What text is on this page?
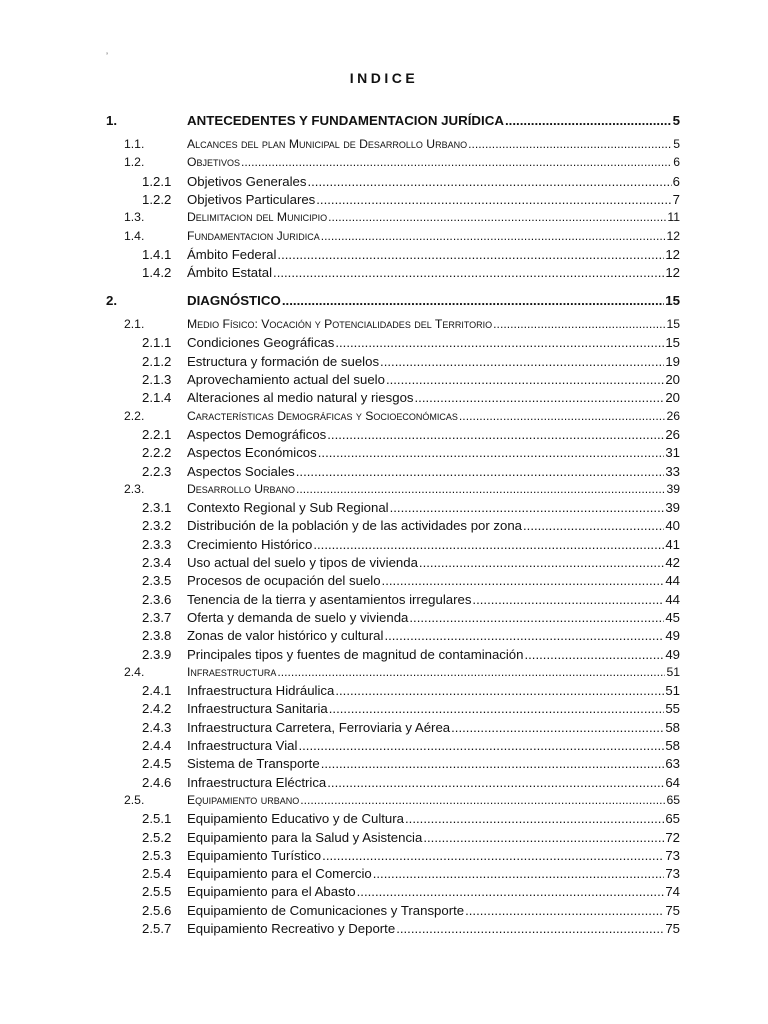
’
INDICE
1.	ANTECEDENTES Y FUNDAMENTACION JURÍDICA .....	5
1.1.	Alcances del plan Municipal de Desarrollo Urbano .....	5
1.2.	Objetivos .....	6
1.2.1 Objetivos Generales .....	6
1.2.2 Objetivos Particulares .....	7
1.3.	Delimitacion del Municipio .....	11
1.4.	Fundamentacion Juridica .....	12
1.4.1 Ámbito Federal .....	12
1.4.2 Ámbito Estatal .....	12
2.	DIAGNÓSTICO .....	15
2.1.	Medio Físico: Vocación y Potencialidades del Territorio .....	15
2.1.1 Condiciones Geográficas .....	15
2.1.2 Estructura y formación de suelos .....	19
2.1.3 Aprovechamiento actual del suelo .....	20
2.1.4 Alteraciones al medio natural y riesgos .....	20
2.2.	Características Demográficas y Socioeconómicas .....	26
2.2.1 Aspectos Demográficos .....	26
2.2.2 Aspectos Económicos .....	31
2.2.3 Aspectos Sociales .....	33
2.3.	Desarrollo Urbano .....	39
2.3.1 Contexto Regional y Sub Regional .....	39
2.3.2 Distribución de la población y de las actividades por zona .....	40
2.3.3 Crecimiento Histórico .....	41
2.3.4 Uso actual del suelo y tipos de vivienda .....	42
2.3.5 Procesos de ocupación del suelo .....	44
2.3.6 Tenencia de la tierra y asentamientos irregulares .....	44
2.3.7 Oferta y demanda de suelo y vivienda .....	45
2.3.8 Zonas de valor histórico y cultural .....	49
2.3.9 Principales tipos y fuentes de magnitud de contaminación .....	49
2.4.	Infraestructura .....	51
2.4.1 Infraestructura Hidráulica .....	51
2.4.2 Infraestructura Sanitaria .....	55
2.4.3 Infraestructura Carretera, Ferroviaria y Aérea .....	58
2.4.4 Infraestructura Vial .....	58
2.4.5 Sistema de Transporte .....	63
2.4.6 Infraestructura Eléctrica .....	64
2.5.	Equipamiento urbano .....	65
2.5.1 Equipamiento Educativo y de Cultura .....	65
2.5.2 Equipamiento para la Salud y Asistencia .....	72
2.5.3 Equipamiento Turístico .....	73
2.5.4 Equipamiento para el Comercio .....	73
2.5.5 Equipamiento para el Abasto .....	74
2.5.6 Equipamiento de Comunicaciones y Transporte .....	75
2.5.7 Equipamiento Recreativo y Deporte .....	75
